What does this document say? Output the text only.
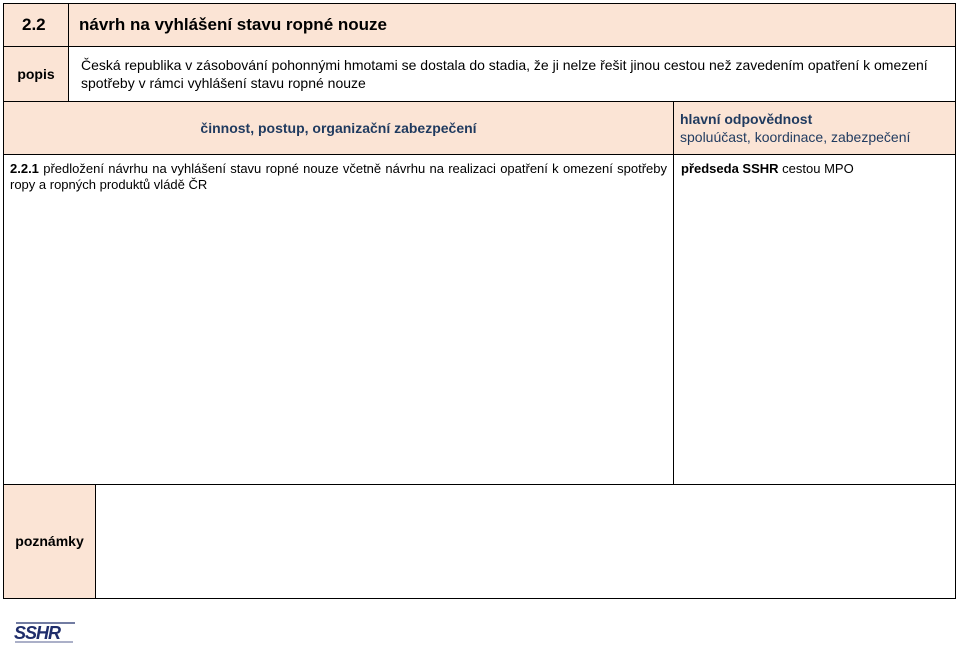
2.2	návrh na vyhlášení stavu ropné nouze
popis
Česká republika v zásobování pohonnými hmotami se dostala do stadia, že ji nelze řešit jinou cestou než zavedením opatření k omezení spotřeby v rámci vyhlášení stavu ropné nouze
činnost, postup, organizační zabezpečení
hlavní odpovědnost
spoluúčast, koordinace, zabezpečení
2.2.1 předložení návrhu na vyhlášení stavu ropné nouze včetně návrhu na realizaci opatření k omezení spotřeby ropy a ropných produktů vládě ČR
předseda SSHR cestou MPO
poznámky
SSHR
